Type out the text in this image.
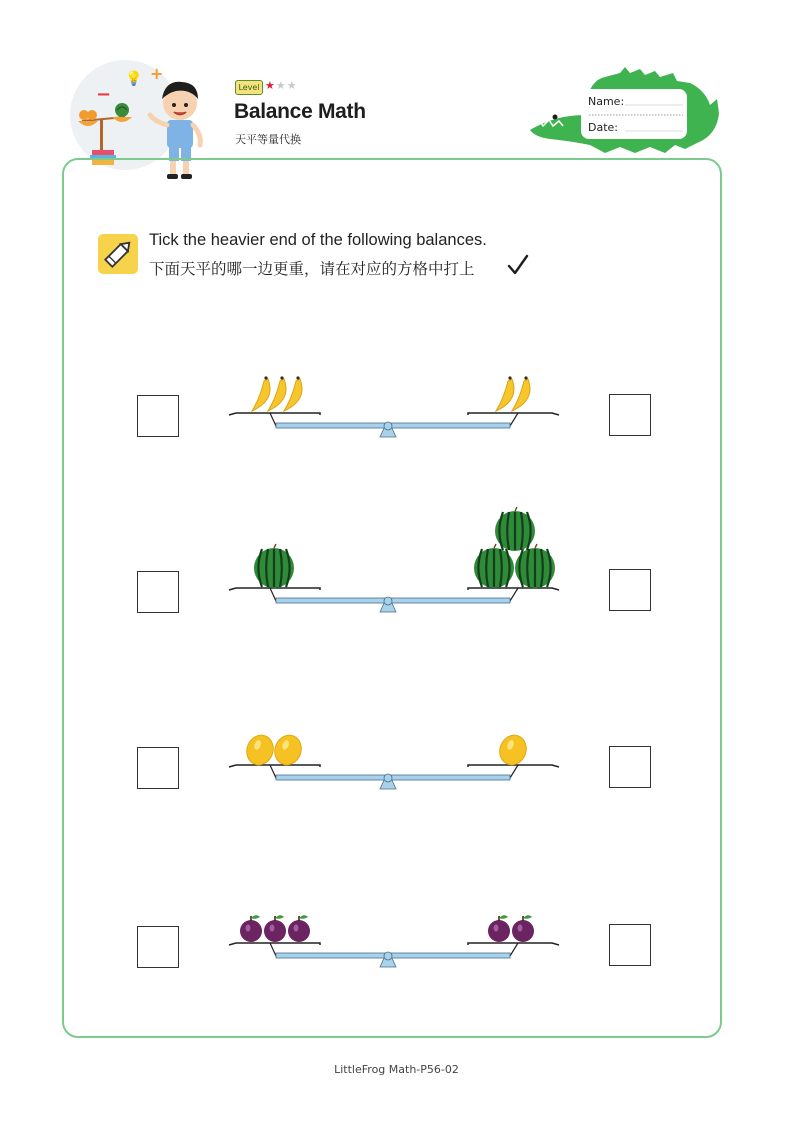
💡 +
−	Level ★★★
Balance Math
天平等量代换
Name:
Date:
Tick the heavier end of the following balances.
下面天平的哪一边更重，请在对应的方格中打上
LittleFrog Math-P56-02
